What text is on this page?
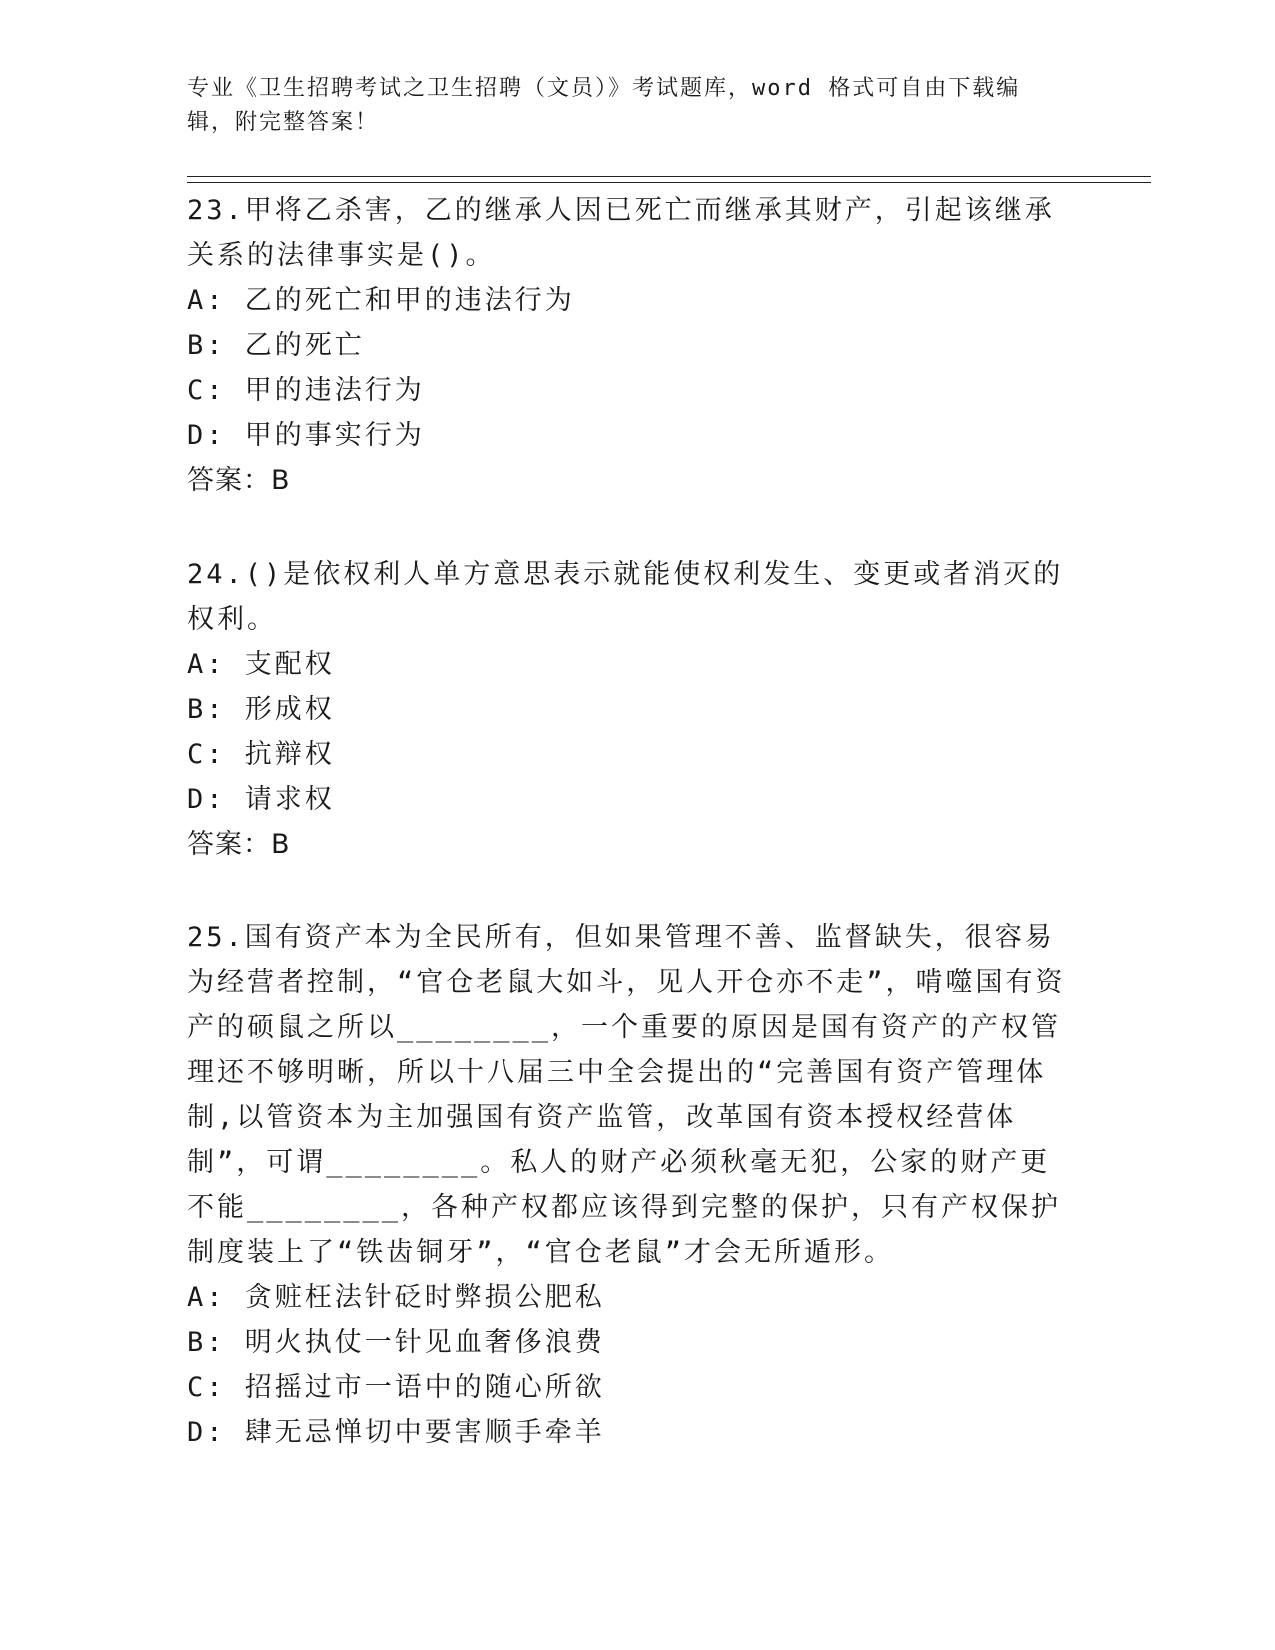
专业《卫生招聘考试之卫生招聘（文员）》考试题库，word 格式可自由下载编辑，附完整答案！

23.甲将乙杀害，乙的继承人因已死亡而继承其财产，引起该继承关系的法律事实是()。

A: 乙的死亡和甲的违法行为

B: 乙的死亡

C: 甲的违法行为

D: 甲的事实行为

答案：B

24.()是依权利人单方意思表示就能使权利发生、变更或者消灭的权利。

A: 支配权

B: 形成权

C: 抗辩权

D: 请求权

答案：B

25.国有资产本为全民所有，但如果管理不善、监督缺失，很容易为经营者控制，“官仓老鼠大如斗，见人开仓亦不走”，啃噬国有资产的硕鼠之所以________，一个重要的原因是国有资产的产权管理还不够明晰，所以十八届三中全会提出的“完善国有资产管理体制,以管资本为主加强国有资产监管，改革国有资本授权经营体制”，可谓________。私人的财产必须秋毫无犯，公家的财产更不能________，各种产权都应该得到完整的保护，只有产权保护制度装上了“铁齿铜牙”，“官仓老鼠”才会无所遁形。

A: 贪赃枉法针砭时弊损公肥私

B: 明火执仗一针见血奢侈浪费

C: 招摇过市一语中的随心所欲

D: 肆无忌惮切中要害顺手牵羊
